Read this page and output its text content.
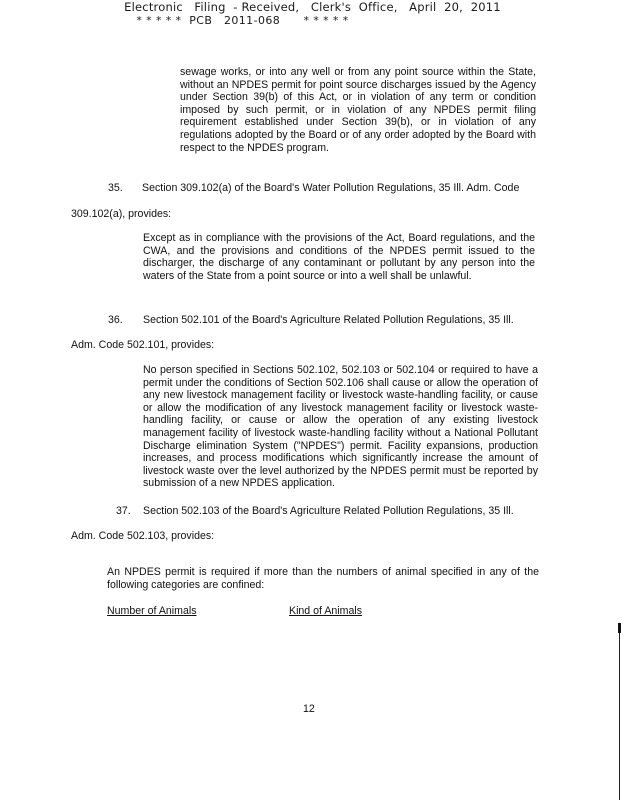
Electronic   Filing  - Received,   Clerk's  Office,   April  20,  2011
* * * * *  PCB   2011-068      * * * * *

sewage works, or into any well or from any point source within the State, without an NPDES permit for point source discharges issued by the Agency under Section 39(b) of this Act, or in violation of any term or condition imposed by such permit, or in violation of any NPDES permit filing requirement established under Section 39(b), or in violation of any regulations adopted by the Board or of any order adopted by the Board with respect to the NPDES program.

35. Section 309.102(a) of the Board's Water Pollution Regulations, 35 Ill. Adm. Code
309.102(a), provides:

Except as in compliance with the provisions of the Act, Board regulations, and the CWA, and the provisions and conditions of the NPDES permit issued to the discharger, the discharge of any contaminant or pollutant by any person into the waters of the State from a point source or into a well shall be unlawful.

36. Section 502.101 of the Board's Agriculture Related Pollution Regulations, 35 Ill.
Adm. Code 502.101, provides:

No person specified in Sections 502.102, 502.103 or 502.104 or required to have a permit under the conditions of Section 502.106 shall cause or allow the operation of any new livestock management facility or livestock waste-handling facility, or cause or allow the modification of any livestock management facility or livestock waste-handling facility, or cause or allow the operation of any existing livestock management facility of livestock waste-handling facility without a National Pollutant Discharge elimination System ("NPDES") permit. Facility expansions, production increases, and process modifications which significantly increase the amount of livestock waste over the level authorized by the NPDES permit must be reported by submission of a new NPDES application.

37. Section 502.103 of the Board's Agriculture Related Pollution Regulations, 35 Ill.
Adm. Code 502.103, provides:

An NPDES permit is required if more than the numbers of animal specified in any of the following categories are confined:

Number of Animals	Kind of Animals
12
